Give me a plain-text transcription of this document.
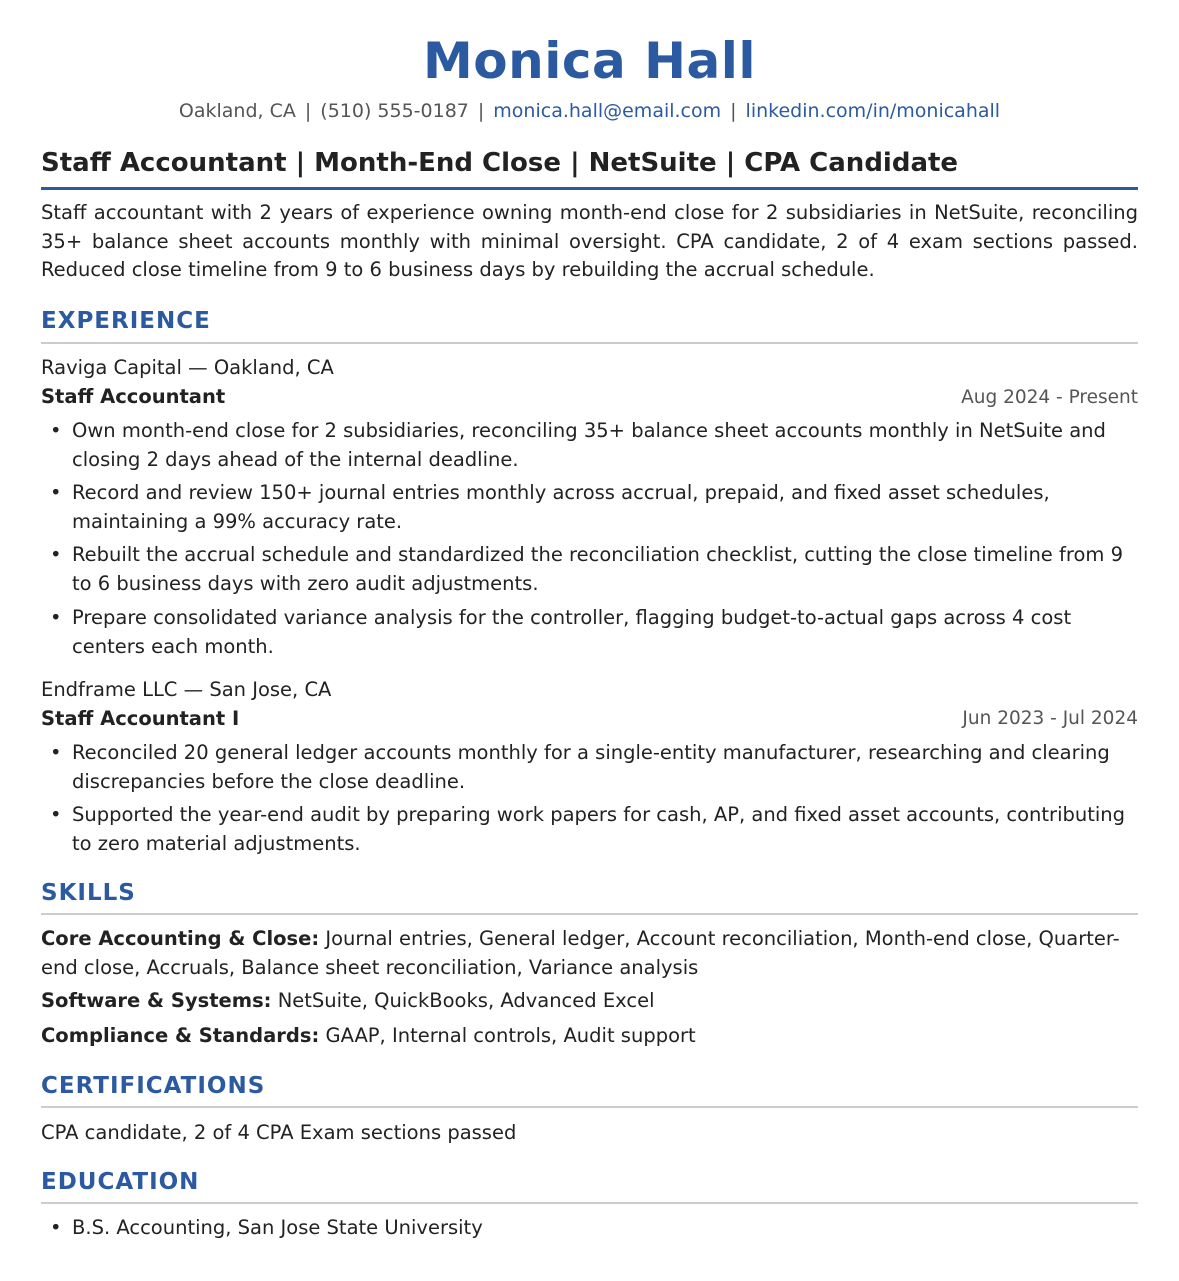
Monica Hall
Oakland, CA | (510) 555-0187 | monica.hall@email.com | linkedin.com/in/monicahall
Staff Accountant | Month-End Close | NetSuite | CPA Candidate
Staff accountant with 2 years of experience owning month-end close for 2 subsidiaries in NetSuite, reconciling 35+ balance sheet accounts monthly with minimal oversight. CPA candidate, 2 of 4 exam sections passed. Reduced close timeline from 9 to 6 business days by rebuilding the accrual schedule.
EXPERIENCE
Raviga Capital — Oakland, CA
Staff Accountant	Aug 2024 - Present
• Own month-end close for 2 subsidiaries, reconciling 35+ balance sheet accounts monthly in NetSuite and closing 2 days ahead of the internal deadline.
• Record and review 150+ journal entries monthly across accrual, prepaid, and fixed asset schedules, maintaining a 99% accuracy rate.
• Rebuilt the accrual schedule and standardized the reconciliation checklist, cutting the close timeline from 9 to 6 business days with zero audit adjustments.
• Prepare consolidated variance analysis for the controller, flagging budget-to-actual gaps across 4 cost centers each month.
Endframe LLC — San Jose, CA
Staff Accountant I	Jun 2023 - Jul 2024
• Reconciled 20 general ledger accounts monthly for a single-entity manufacturer, researching and clearing discrepancies before the close deadline.
• Supported the year-end audit by preparing work papers for cash, AP, and fixed asset accounts, contributing to zero material adjustments.
SKILLS
Core Accounting & Close: Journal entries, General ledger, Account reconciliation, Month-end close, Quarter-end close, Accruals, Balance sheet reconciliation, Variance analysis
Software & Systems: NetSuite, QuickBooks, Advanced Excel
Compliance & Standards: GAAP, Internal controls, Audit support
CERTIFICATIONS
CPA candidate, 2 of 4 CPA Exam sections passed
EDUCATION
• B.S. Accounting, San Jose State University
